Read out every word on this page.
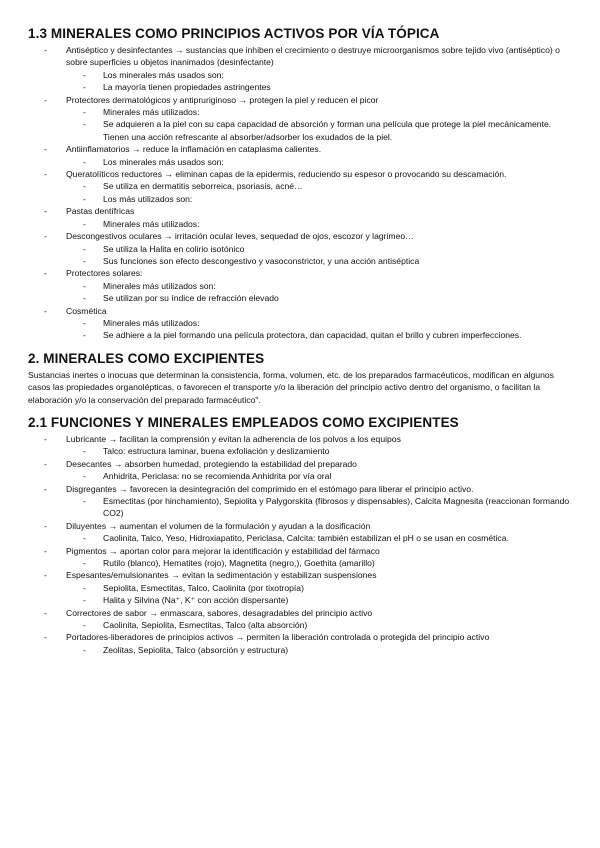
1.3 MINERALES COMO PRINCIPIOS ACTIVOS POR VÍA TÓPICA
- Antiséptico y desinfectantes → sustancias que inhiben el crecimiento o destruye microorganismos sobre tejido vivo (antiséptico) o sobre superficies u objetos inanimados (desinfectante)
- Los minerales más usados son:
- La mayoría tienen propiedades astringentes
- Protectores dermatológicos y antipruriginoso → protegen la piel y reducen el picor
- Minerales más utilizados:
- Se adquieren a la piel con su capa capacidad de absorción y forman una película que protege la piel mecánicamente. Tienen una acción refrescante al absorber/adsorber los exudados de la piel.
- Antiinflamatorios → reduce la inflamación en cataplasma calientes.
- Los minerales más usados son:
- Queratolíticos reductores → eliminan capas de la epidermis, reduciendo su espesor o provocando su descamación.
- Se utiliza en dermatitis seborreica, psoriasis, acné…
- Los más utilizados son:
- Pastas dentífricas
- Minerales más utilizados:
- Descongestivos oculares → irritación ocular leves, sequedad de ojos, escozor y lagrimeo…
- Se utiliza la Halita en colirio isotónico
- Sus funciones son efecto descongestivo y vasoconstrictor, y una acción antiséptica
- Protectores solares:
- Minerales más utilizados son:
- Se utilizan por su índice de refracción elevado
- Cosmética
- Minerales más utilizados:
- Se adhiere a la piel formando una película protectora, dan capacidad, quitan el brillo y cubren imperfecciones.
2. MINERALES COMO EXCIPIENTES

Sustancias inertes o inocuas que determinan la consistencia, forma, volumen, etc. de los preparados farmacéuticos, modifican en algunos casos las propiedades organolépticas, o favorecen el transporte y/o la liberación del principio activo dentro del organismo, o facilitan la elaboración y/o la conservación del preparado farmacéutico".

2.1 FUNCIONES Y MINERALES EMPLEADOS COMO EXCIPIENTES
- Lubricante → facilitan la comprensión y evitan la adherencia de los polvos a los equipos
- Talco: estructura laminar, buena exfoliación y deslizamiento
- Desecantes → absorben humedad, protegiendo la estabilidad del preparado
- Anhidrita, Periclasa: no se recomienda Anhidrita por vía oral
- Disgregantes → favorecen la desintegración del comprimido en el estómago para liberar el principio activo.
- Esmectitas (por hinchamiento), Sepiolita y Palygorskita (fibrosos y dispensables), Calcita Magnesita (reaccionan formando CO2)
- Diluyentes → aumentan el volumen de la formulación y ayudan a la dosificación
- Caolinita, Talco, Yeso, Hidroxiapatito, Periclasa, Calcita: también estabilizan el pH o se usan en cosmética.
- Pigmentos → aportan color para mejorar la identificación y estabilidad del fármaco
- Rutilo (blanco), Hematites (rojo), Magnetita (negro,), Goethita (amarillo)
- Espesantes/emulsionantes → evitan la sedimentación y estabilizan suspensiones
- Sepiolita, Esmectitas, Talco, Caolinita (por tixotropía)
- Halita y Silvina (Na⁺, K⁺ con acción dispersante)
- Correctores de sabor → enmascara, sabores, desagradables del principio activo
- Caolinita, Sepiolita, Esmectitas, Talco (alta absorción)
- Portadores-liberadores de principios activos → permiten la liberación controlada o protegida del principio activo
- Zeolitas, Sepiolita, Talco (absorción y estructura)
